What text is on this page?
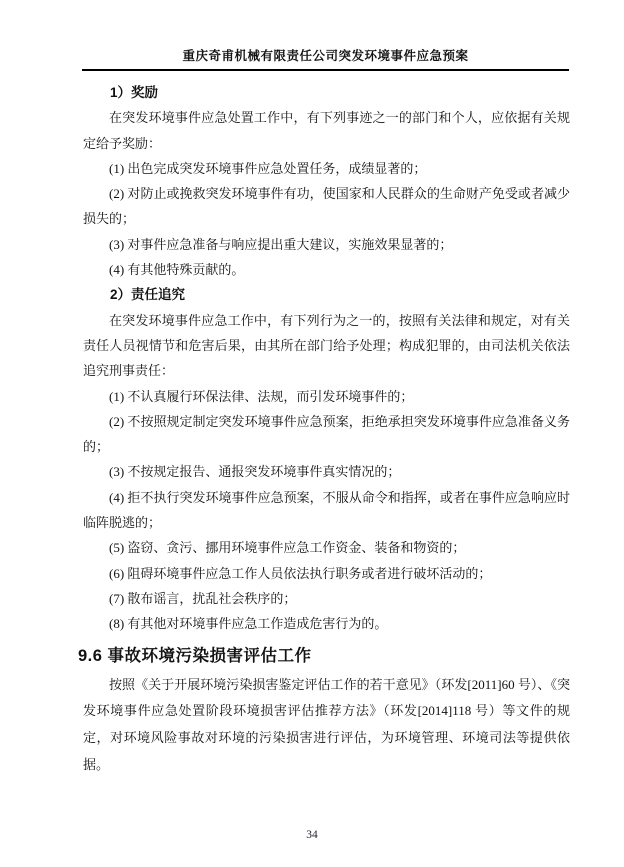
重庆奇甫机械有限责任公司突发环境事件应急预案
1）奖励

在突发环境事件应急处置工作中，有下列事迹之一的部门和个人，应依据有关规定给予奖励：

(1) 出色完成突发环境事件应急处置任务，成绩显著的；

(2) 对防止或挽救突发环境事件有功，使国家和人民群众的生命财产免受或者减少损失的；

(3) 对事件应急准备与响应提出重大建议，实施效果显著的；

(4) 有其他特殊贡献的。

2）责任追究

在突发环境事件应急工作中，有下列行为之一的，按照有关法律和规定，对有关责任人员视情节和危害后果，由其所在部门给予处理；构成犯罪的，由司法机关依法追究刑事责任：

(1) 不认真履行环保法律、法规，而引发环境事件的；

(2) 不按照规定制定突发环境事件应急预案，拒绝承担突发环境事件应急准备义务的；

(3) 不按规定报告、通报突发环境事件真实情况的；

(4) 拒不执行突发环境事件应急预案，不服从命令和指挥，或者在事件应急响应时临阵脱逃的；

(5) 盗窃、贪污、挪用环境事件应急工作资金、装备和物资的；

(6) 阻碍环境事件应急工作人员依法执行职务或者进行破坏活动的；

(7) 散布谣言，扰乱社会秩序的；

(8) 有其他对环境事件应急工作造成危害行为的。

9.6 事故环境污染损害评估工作

按照《关于开展环境污染损害鉴定评估工作的若干意见》（环发[2011]60 号）、《突发环境事件应急处置阶段环境损害评估推荐方法》（环发[2014]118 号）等文件的规定，对环境风险事故对环境的污染损害进行评估，为环境管理、环境司法等提供依据。

34
